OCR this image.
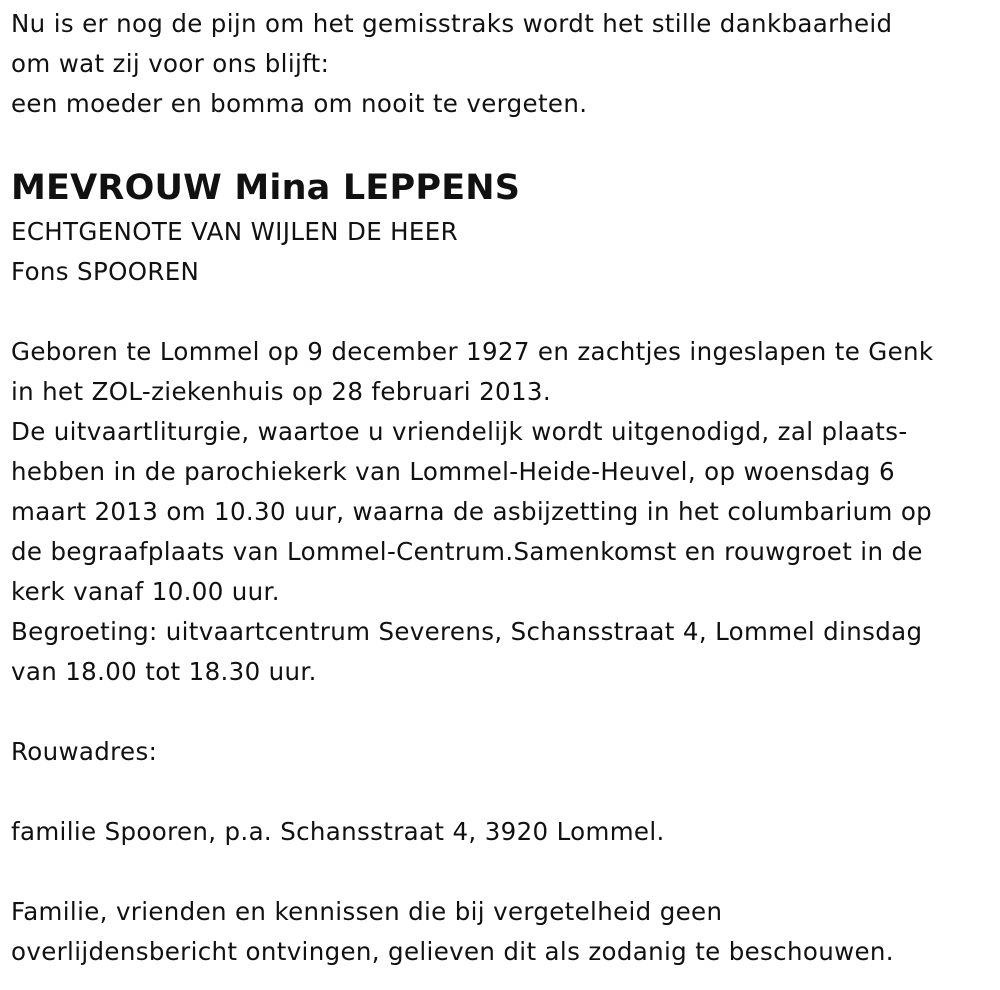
Nu is er nog de pijn om het gemisstraks wordt het stille dankbaarheid
om wat zij voor ons blijft:
een moeder en bomma om nooit te vergeten.
MEVROUW Mina LEPPENS
ECHTGENOTE VAN WIJLEN DE HEER
Fons SPOOREN
Geboren te Lommel op 9 december 1927 en zachtjes ingeslapen te Genk
in het ZOL-ziekenhuis op 28 februari 2013.
De uitvaartliturgie, waartoe u vriendelijk wordt uitgenodigd, zal plaats-
hebben in de parochiekerk van Lommel-Heide-Heuvel, op woensdag 6
maart 2013 om 10.30 uur, waarna de asbijzetting in het columbarium op
de begraafplaats van Lommel-Centrum.Samenkomst en rouwgroet in de
kerk vanaf 10.00 uur.
Begroeting: uitvaartcentrum Severens, Schansstraat 4, Lommel dinsdag
van 18.00 tot 18.30 uur.
Rouwadres:
familie Spooren, p.a. Schansstraat 4, 3920 Lommel.
Familie, vrienden en kennissen die bij vergetelheid geen
overlijdensbericht ontvingen, gelieven dit als zodanig te beschouwen.
